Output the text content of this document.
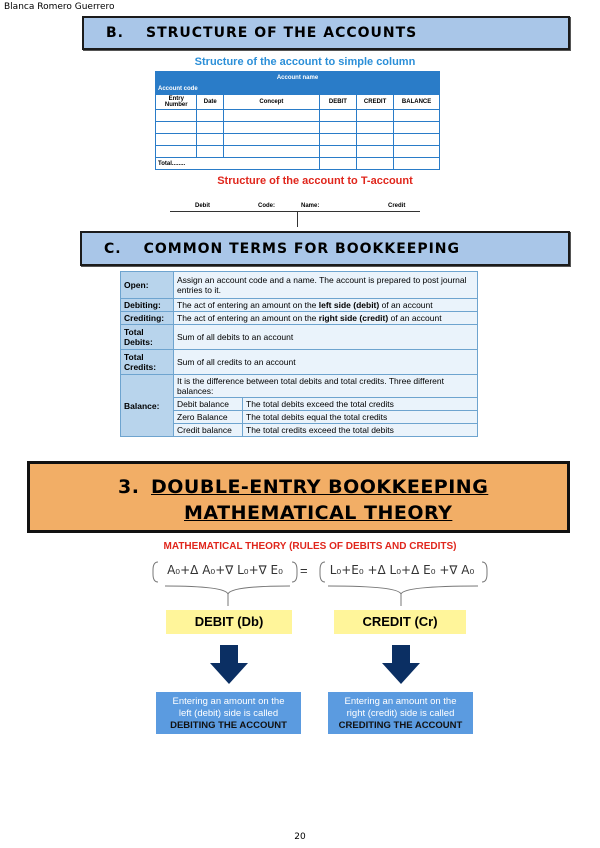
Blanca Romero Guerrero
B. STRUCTURE OF THE ACCOUNTS
Structure of the account to simple column
Account name					
Account code					
Entry Number	Date	Concept	DEBIT	CREDIT	BALANCE

Total........					
Structure of the account to T-account
Debit	Code:	Name:	Credit
C. COMMON TERMS FOR BOOKKEEPING
Open:	Assign an account code and a name. The account is prepared to post journal entries to it.	
Debiting:	The act of entering an amount on the left side (debit) of an account	
Crediting:	The act of entering an amount on the right side (credit) of an account	
Total Debits:	Sum of all debits to an account	
Total Credits:	Sum of all credits to an account	
Balance:	It is the difference between total debits and total credits. Three different balances:	
	Debit balance	The total debits exceed the total credits
	Zero Balance	The total debits equal the total credits
	Credit balance	The total credits exceed the total debits
3. DOUBLE-ENTRY BOOKKEEPING
MATHEMATICAL THEORY
MATHEMATICAL THEORY (RULES OF DEBITS AND CREDITS)
A₀+Δ A₀+∇ L₀+∇ E₀	=	L₀+E₀ +Δ L₀+Δ E₀ +∇ A₀
DEBIT (Db)	CREDIT (Cr)
Entering an amount on the
left (debit) side is called
DEBITING THE ACCOUNT
Entering an amount on the
right (credit) side is called
CREDITING THE ACCOUNT
20
